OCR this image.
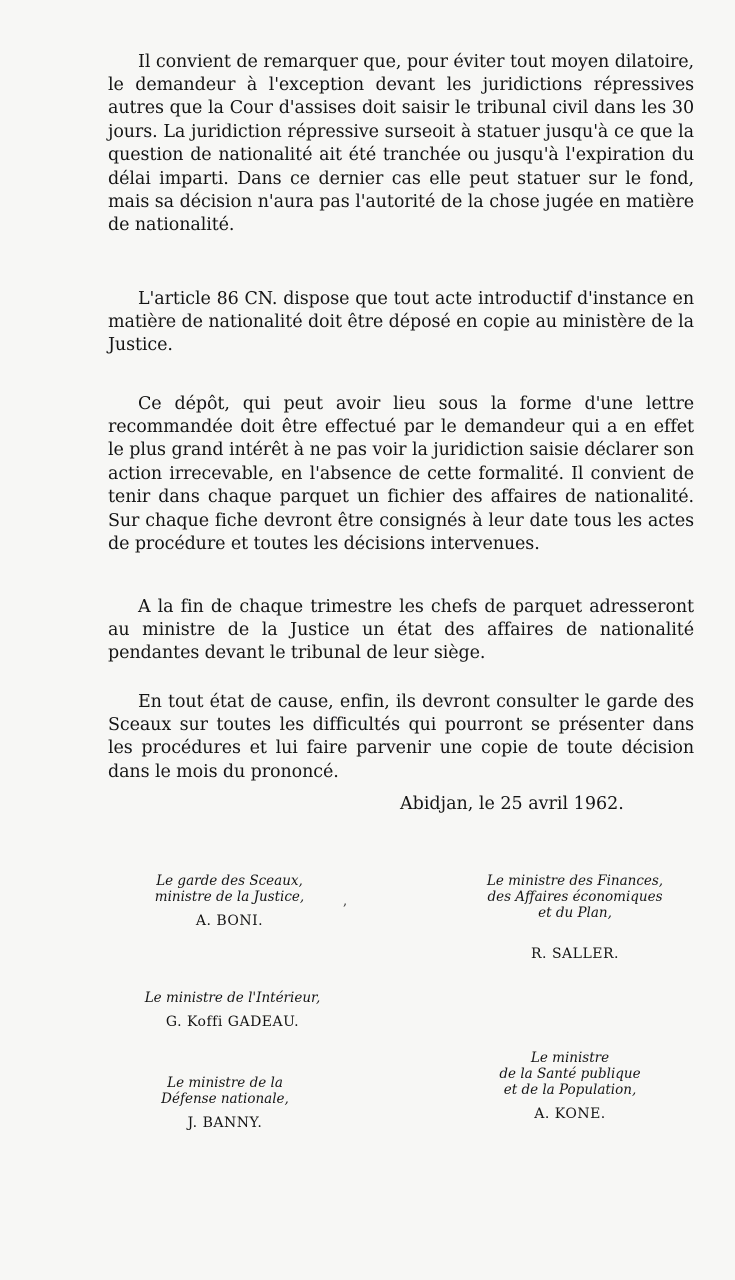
Il convient de remarquer que, pour éviter tout moyen dilatoire, le demandeur à l'exception devant les juridictions répressives autres que la Cour d'assises doit saisir le tribunal civil dans les 30 jours. La juridiction répressive surseoit à statuer jusqu'à ce que la question de nationalité ait été tranchée ou jusqu'à l'expiration du délai imparti. Dans ce dernier cas elle peut statuer sur le fond, mais sa décision n'aura pas l'autorité de la chose jugée en matière de nationalité.

L'article 86 CN. dispose que tout acte introductif d'instance en matière de nationalité doit être déposé en copie au ministère de la Justice.

Ce dépôt, qui peut avoir lieu sous la forme d'une lettre recommandée doit être effectué par le demandeur qui a en effet le plus grand intérêt à ne pas voir la juridiction saisie déclarer son action irrecevable, en l'absence de cette formalité. Il convient de tenir dans chaque parquet un fichier des affaires de nationalité. Sur chaque fiche devront être consignés à leur date tous les actes de procédure et toutes les décisions intervenues.

A la fin de chaque trimestre les chefs de parquet adresseront au ministre de la Justice un état des affaires de nationalité pendantes devant le tribunal de leur siège.

En tout état de cause, enfin, ils devront consulter le garde des Sceaux sur toutes les difficultés qui pourront se présenter dans les procédures et lui faire parvenir une copie de toute décision dans le mois du prononcé.

Abidjan, le 25 avril 1962.
Le garde des Sceaux,
ministre de la Justice,
A. BONI.
,
Le ministre des Finances,
des Affaires économiques
et du Plan,
R. SALLER.
Le ministre de l'Intérieur,
G. Koffi GADEAU.
Le ministre de la
Défense nationale,
J. BANNY.
Le ministre
de la Santé publique
et de la Population,
A. KONE.
